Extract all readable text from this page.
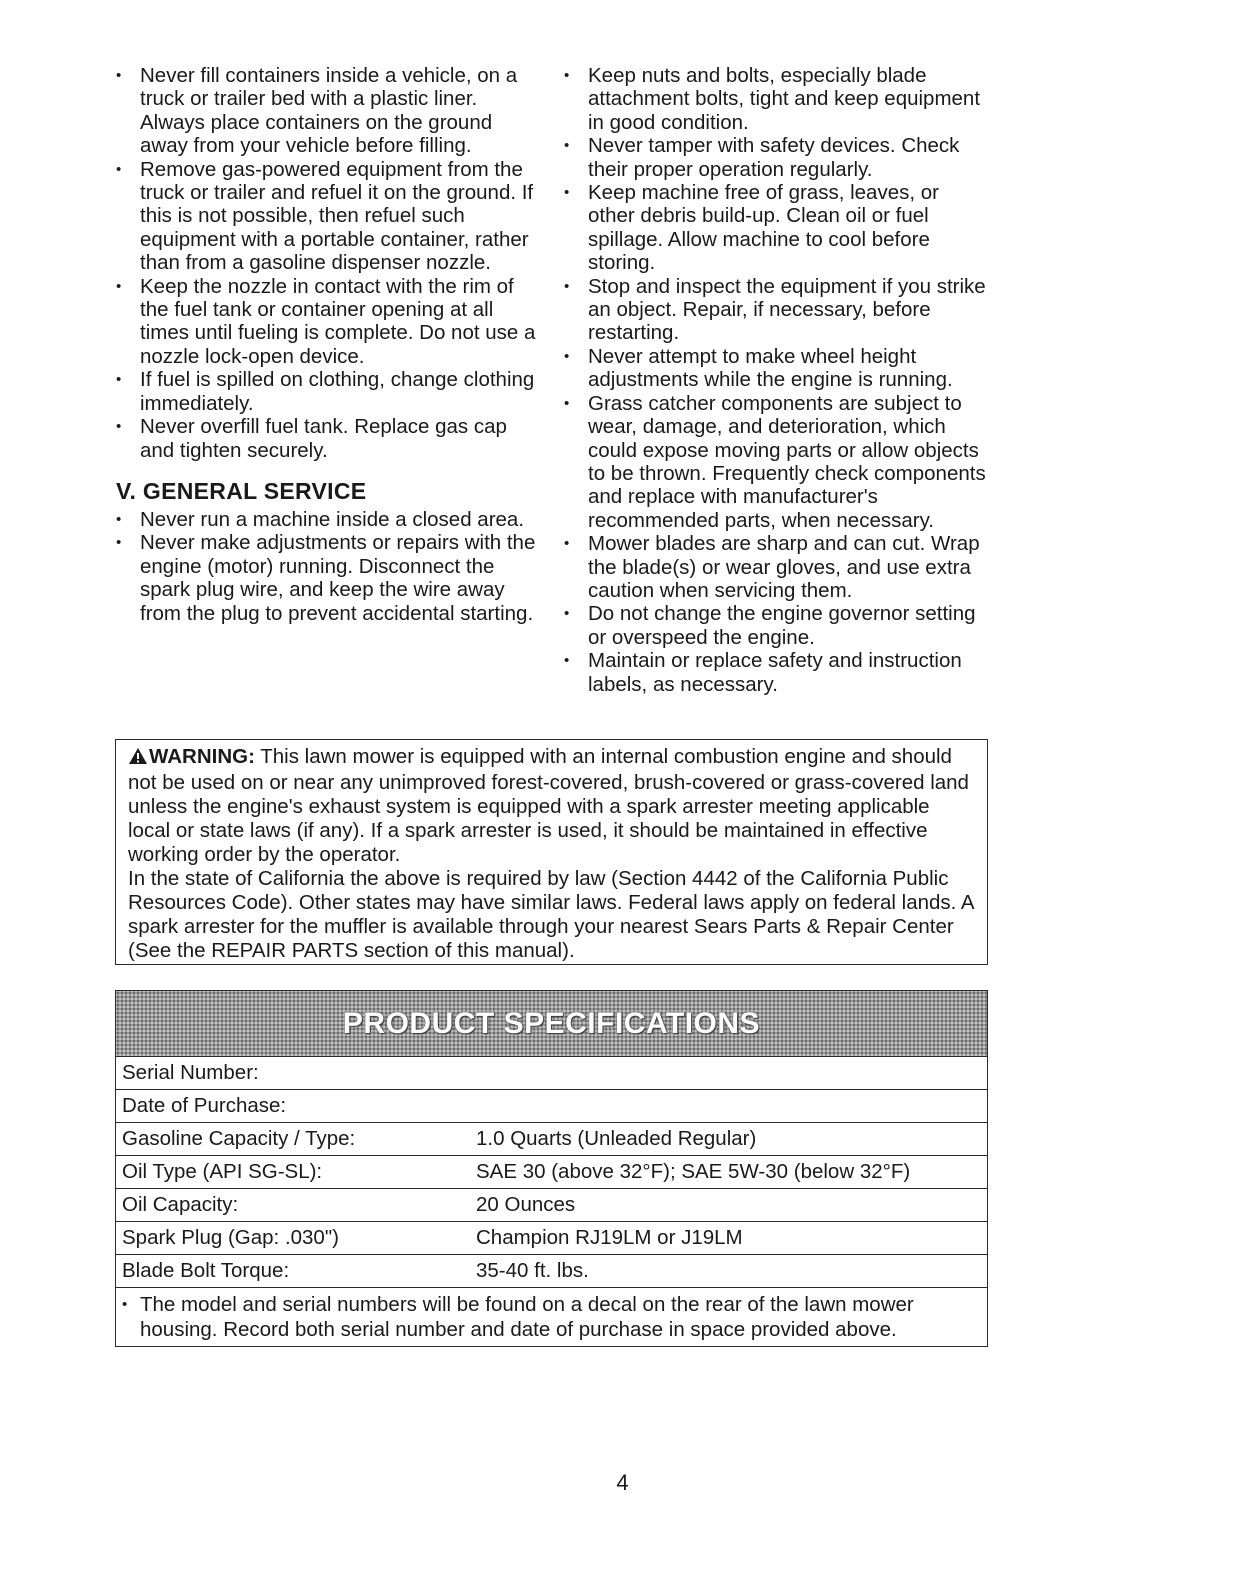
• Never fill containers inside a vehicle, on a truck or trailer bed with a plastic liner. Always place containers on the ground away from your vehicle before filling.
• Remove gas-powered equipment from the truck or trailer and refuel it on the ground. If this is not possible, then refuel such equipment with a portable container, rather than from a gasoline dispenser nozzle.
• Keep the nozzle in contact with the rim of the fuel tank or container opening at all times until fueling is complete. Do not use a nozzle lock-open device.
• If fuel is spilled on clothing, change clothing immediately.
• Never overfill fuel tank. Replace gas cap and tighten securely.
V. GENERAL SERVICE
• Never run a machine inside a closed area.
• Never make adjustments or repairs with the engine (motor) running. Disconnect the spark plug wire, and keep the wire away from the plug to prevent accidental starting.
• Keep nuts and bolts, especially blade attachment bolts, tight and keep equipment in good condition.
• Never tamper with safety devices. Check their proper operation regularly.
• Keep machine free of grass, leaves, or other debris build-up. Clean oil or fuel spillage. Allow machine to cool before storing.
• Stop and inspect the equipment if you strike an object. Repair, if necessary, before restarting.
• Never attempt to make wheel height adjustments while the engine is running.
• Grass catcher components are subject to wear, damage, and deterioration, which could expose moving parts or allow objects to be thrown. Frequently check components and replace with manufacturer's recommended parts, when necessary.
• Mower blades are sharp and can cut. Wrap the blade(s) or wear gloves, and use extra caution when servicing them.
• Do not change the engine governor setting or overspeed the engine.
• Maintain or replace safety and instruction labels, as necessary.

WARNING: This lawn mower is equipped with an internal combustion engine and should not be used on or near any unimproved forest-covered, brush-covered or grass-covered land unless the engine's exhaust system is equipped with a spark arrester meeting applicable local or state laws (if any). If a spark arrester is used, it should be maintained in effective working order by the operator.

In the state of California the above is required by law (Section 4442 of the California Public Resources Code). Other states may have similar laws. Federal laws apply on federal lands. A spark arrester for the muffler is available through your nearest Sears Parts & Repair Center (See the REPAIR PARTS section of this manual).

PRODUCT SPECIFICATIONS
Serial Number:
Date of Purchase:
Gasoline Capacity / Type:	1.0 Quarts (Unleaded Regular)
Oil Type (API SG-SL):	SAE 30 (above 32°F); SAE 5W-30 (below 32°F)
Oil Capacity:	20 Ounces
Spark Plug (Gap: .030")	Champion RJ19LM or J19LM
Blade Bolt Torque:	35-40 ft. lbs.
• The model and serial numbers will be found on a decal on the rear of the lawn mower housing. Record both serial number and date of purchase in space provided above.
4
